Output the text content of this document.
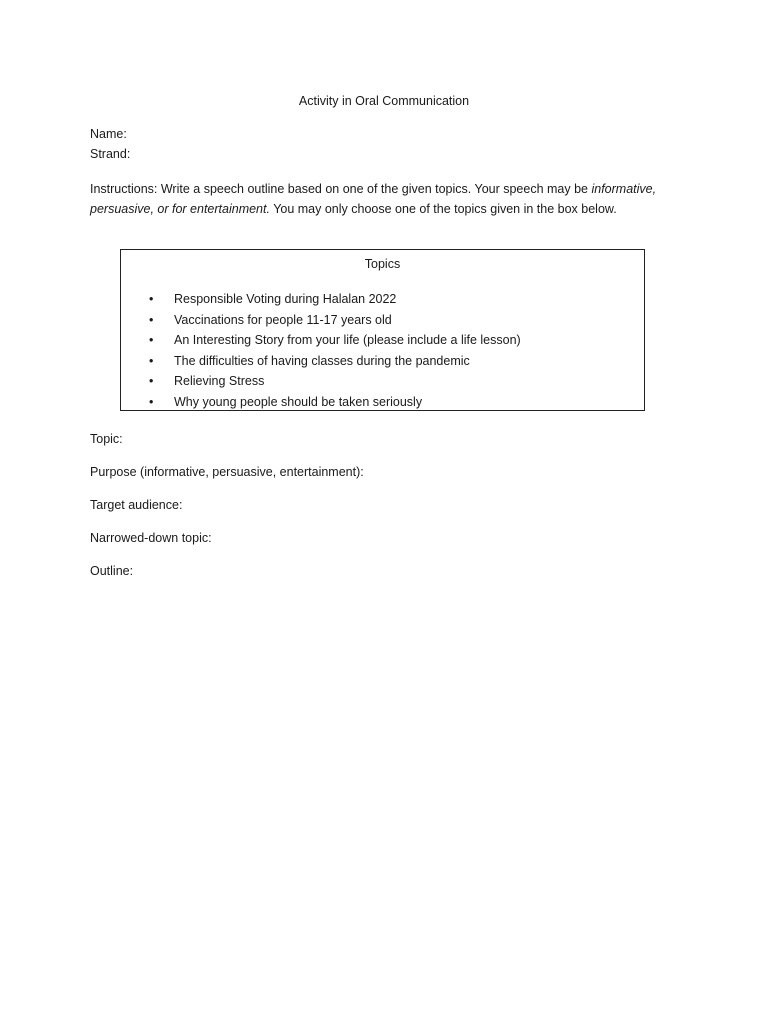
Activity in Oral Communication
Name:
Strand:
Instructions: Write a speech outline based on one of the given topics. Your speech may be informative, persuasive, or for entertainment. You may only choose one of the topics given in the box below.
Topics
• Responsible Voting during Halalan 2022
• Vaccinations for people 11-17 years old
• An Interesting Story from your life (please include a life lesson)
• The difficulties of having classes during the pandemic
• Relieving Stress
• Why young people should be taken seriously
Topic:
Purpose (informative, persuasive, entertainment):
Target audience:
Narrowed-down topic:
Outline:
